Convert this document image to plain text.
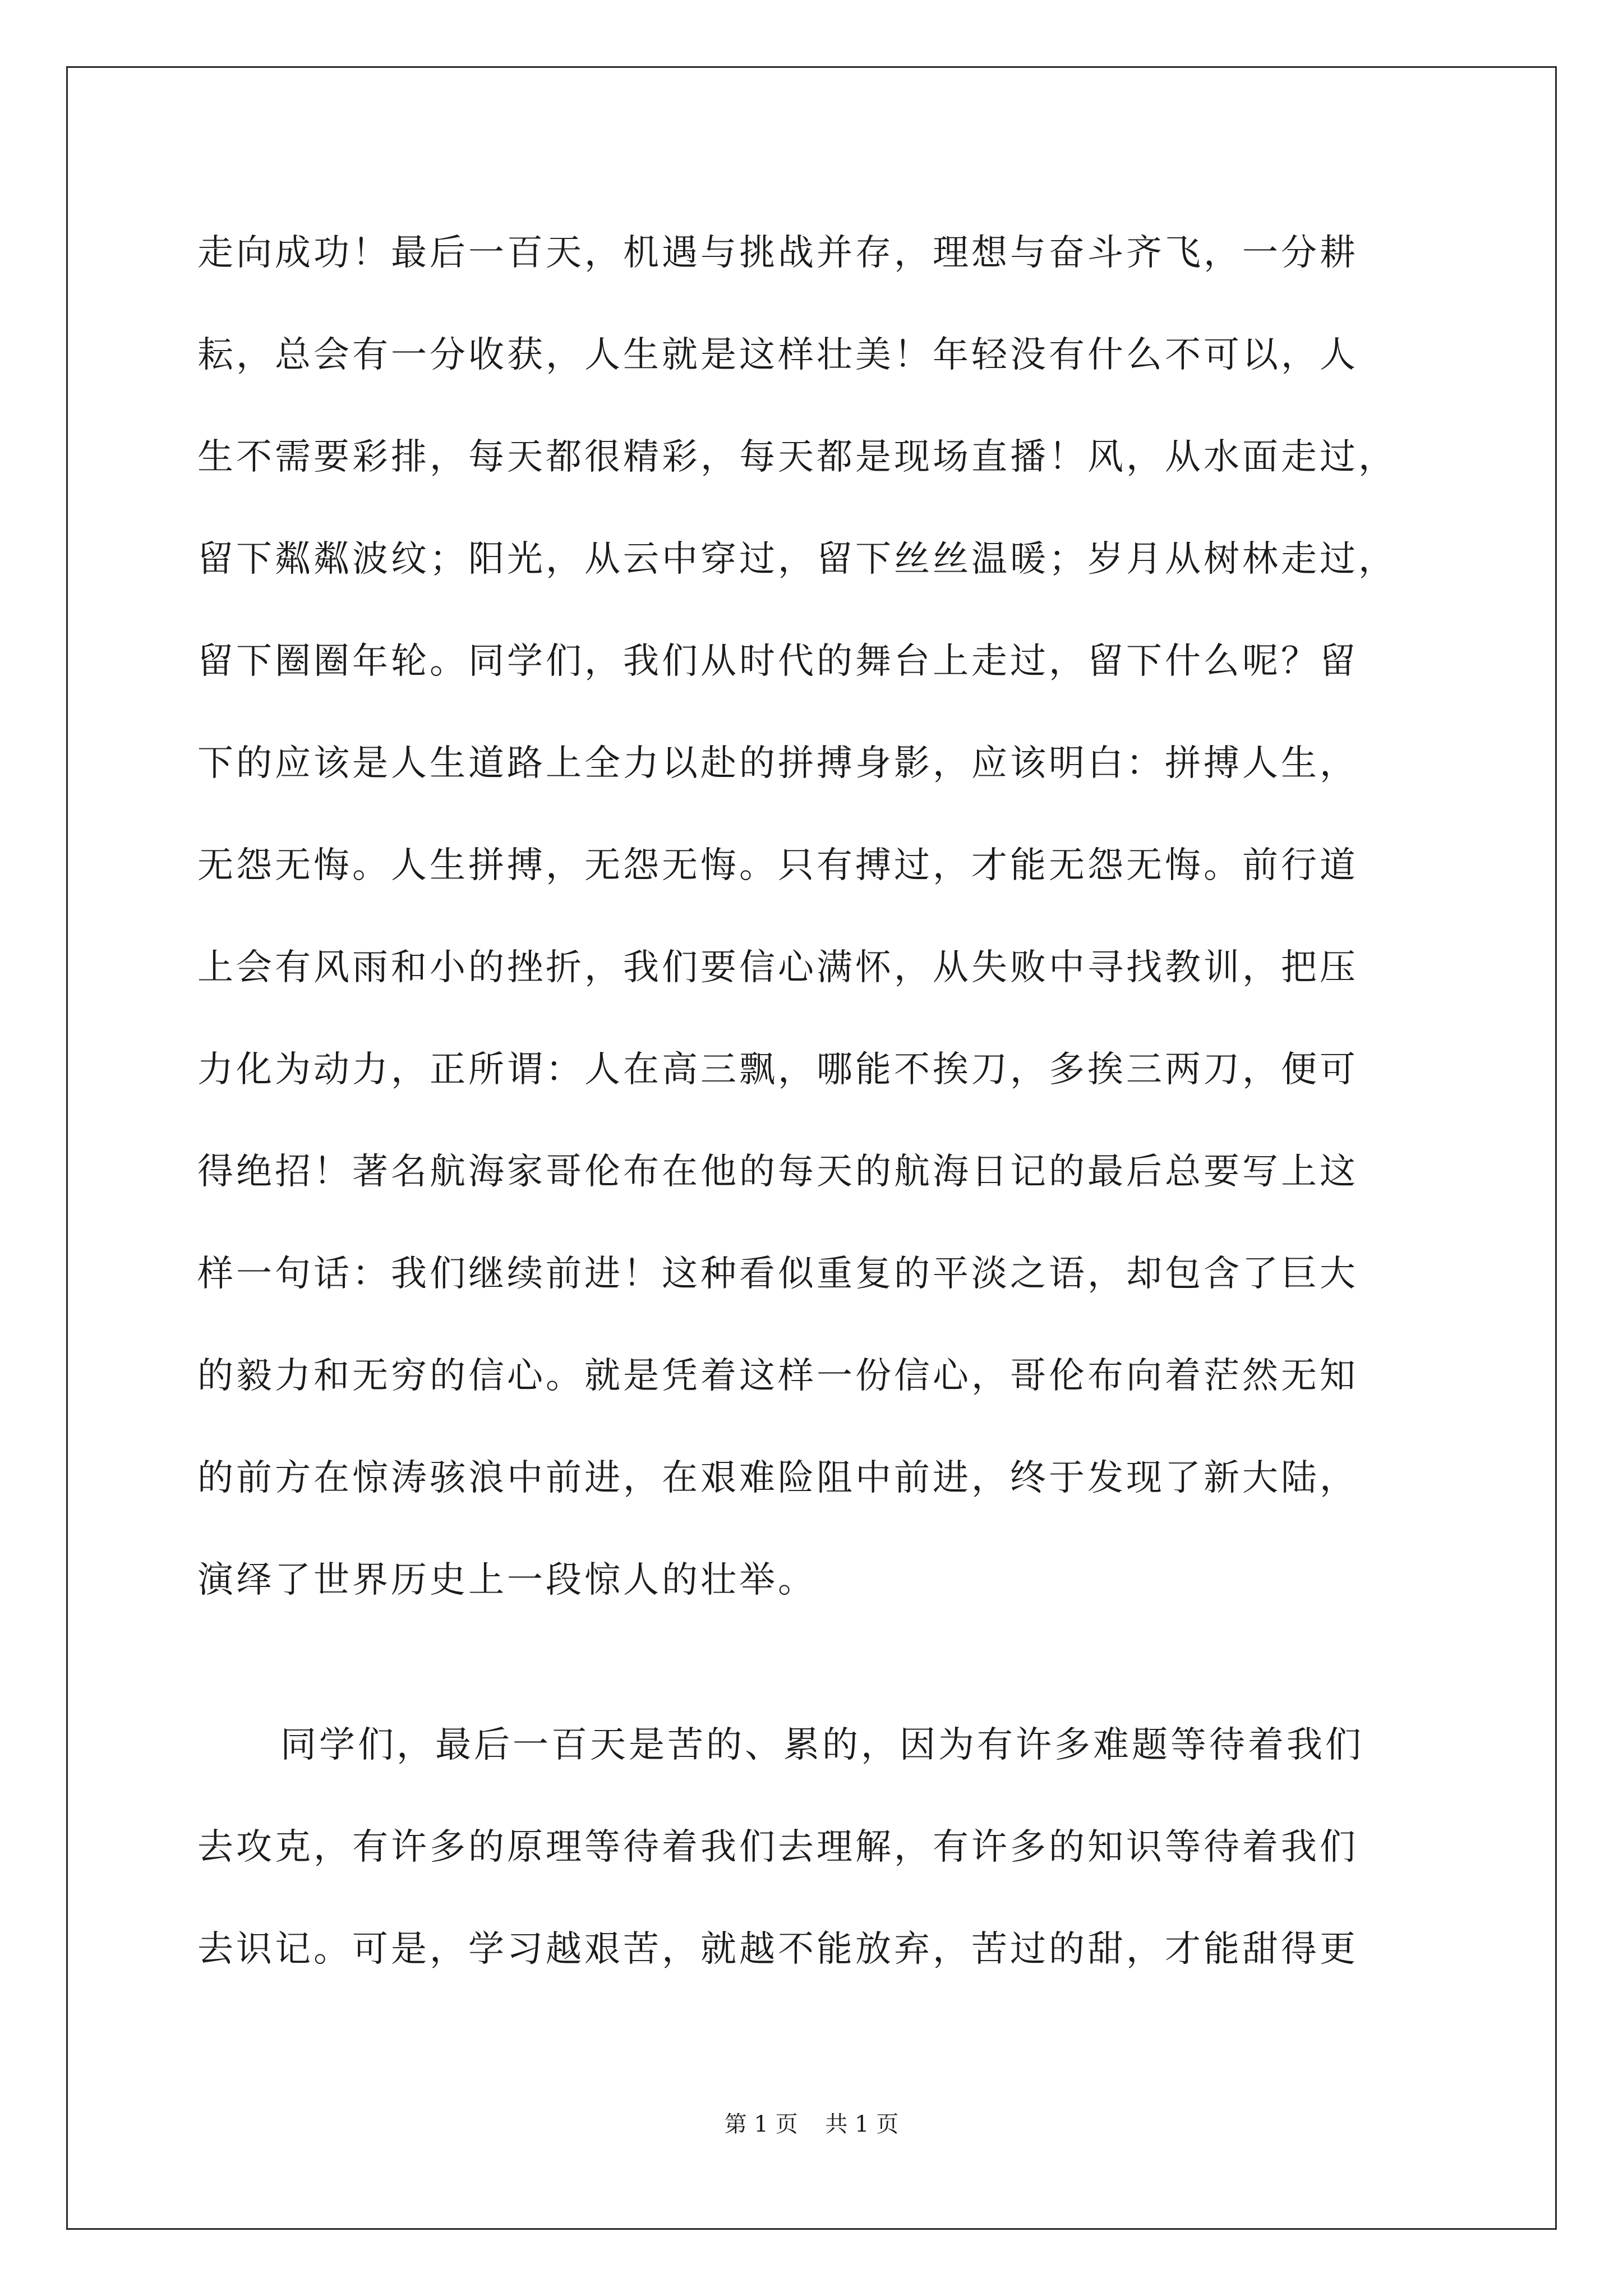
走向成功！最后一百天，机遇与挑战并存，理想与奋斗齐飞，一分耕
耘，总会有一分收获，人生就是这样壮美！年轻没有什么不可以，人
生不需要彩排，每天都很精彩，每天都是现场直播！风，从水面走过，
留下粼粼波纹；阳光，从云中穿过，留下丝丝温暖；岁月从树林走过，
留下圈圈年轮。同学们，我们从时代的舞台上走过，留下什么呢？留
下的应该是人生道路上全力以赴的拼搏身影，应该明白：拼搏人生，
无怨无悔。人生拼搏，无怨无悔。只有搏过，才能无怨无悔。前行道
上会有风雨和小的挫折，我们要信心满怀，从失败中寻找教训，把压
力化为动力，正所谓：人在高三飘，哪能不挨刀，多挨三两刀，便可
得绝招！著名航海家哥伦布在他的每天的航海日记的最后总要写上这
样一句话：我们继续前进！这种看似重复的平淡之语，却包含了巨大
的毅力和无穷的信心。就是凭着这样一份信心，哥伦布向着茫然无知
的前方在惊涛骇浪中前进，在艰难险阻中前进，终于发现了新大陆，
演绎了世界历史上一段惊人的壮举。
同学们，最后一百天是苦的、累的，因为有许多难题等待着我们
去攻克，有许多的原理等待着我们去理解，有许多的知识等待着我们
去识记。可是，学习越艰苦，就越不能放弃，苦过的甜，才能甜得更
第 1 页 共 1 页
